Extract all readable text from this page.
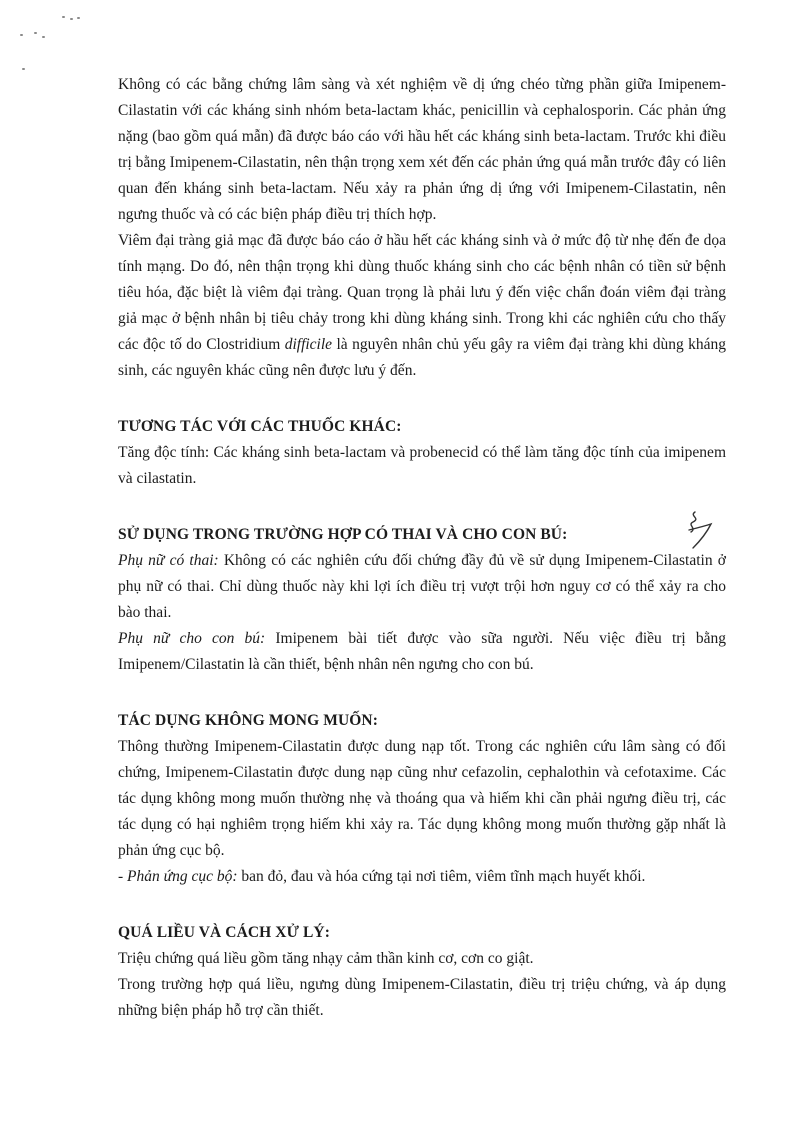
Không có các bằng chứng lâm sàng và xét nghiệm về dị ứng chéo từng phần giữa Imipenem-Cilastatin với các kháng sinh nhóm beta-lactam khác, penicillin và cephalosporin. Các phản ứng nặng (bao gồm quá mẫn) đã được báo cáo với hầu hết các kháng sinh beta-lactam. Trước khi điều trị bằng Imipenem-Cilastatin, nên thận trọng xem xét đến các phản ứng quá mẫn trước đây có liên quan đến kháng sinh beta-lactam. Nếu xảy ra phản ứng dị ứng với Imipenem-Cilastatin, nên ngưng thuốc và có các biện pháp điều trị thích hợp.

Viêm đại tràng giả mạc đã được báo cáo ở hầu hết các kháng sinh và ở mức độ từ nhẹ đến đe dọa tính mạng. Do đó, nên thận trọng khi dùng thuốc kháng sinh cho các bệnh nhân có tiền sử bệnh tiêu hóa, đặc biệt là viêm đại tràng. Quan trọng là phải lưu ý đến việc chẩn đoán viêm đại tràng giả mạc ở bệnh nhân bị tiêu chảy trong khi dùng kháng sinh. Trong khi các nghiên cứu cho thấy các độc tố do Clostridium difficile là nguyên nhân chủ yếu gây ra viêm đại tràng khi dùng kháng sinh, các nguyên khác cũng nên được lưu ý đến.

TƯƠNG TÁC VỚI CÁC THUỐC KHÁC:

Tăng độc tính: Các kháng sinh beta-lactam và probenecid có thể làm tăng độc tính của imipenem và cilastatin.

SỬ DỤNG TRONG TRƯỜNG HỢP CÓ THAI VÀ CHO CON BÚ:

Phụ nữ có thai: Không có các nghiên cứu đối chứng đầy đủ về sử dụng Imipenem-Cilastatin ở phụ nữ có thai. Chỉ dùng thuốc này khi lợi ích điều trị vượt trội hơn nguy cơ có thể xảy ra cho bào thai.

Phụ nữ cho con bú: Imipenem bài tiết được vào sữa người. Nếu việc điều trị bằng Imipenem/Cilastatin là cần thiết, bệnh nhân nên ngưng cho con bú.

TÁC DỤNG KHÔNG MONG MUỐN:

Thông thường Imipenem-Cilastatin được dung nạp tốt. Trong các nghiên cứu lâm sàng có đối chứng, Imipenem-Cilastatin được dung nạp cũng như cefazolin, cephalothin và cefotaxime. Các tác dụng không mong muốn thường nhẹ và thoáng qua và hiếm khi cần phải ngưng điều trị, các tác dụng có hại nghiêm trọng hiếm khi xảy ra. Tác dụng không mong muốn thường gặp nhất là phản ứng cục bộ.

- Phản ứng cục bộ: ban đỏ, đau và hóa cứng tại nơi tiêm, viêm tĩnh mạch huyết khối.

QUÁ LIỀU VÀ CÁCH XỬ LÝ:

Triệu chứng quá liều gồm tăng nhạy cảm thần kinh cơ, cơn co giật.

Trong trường hợp quá liều, ngưng dùng Imipenem-Cilastatin, điều trị triệu chứng, và áp dụng những biện pháp hỗ trợ cần thiết.
